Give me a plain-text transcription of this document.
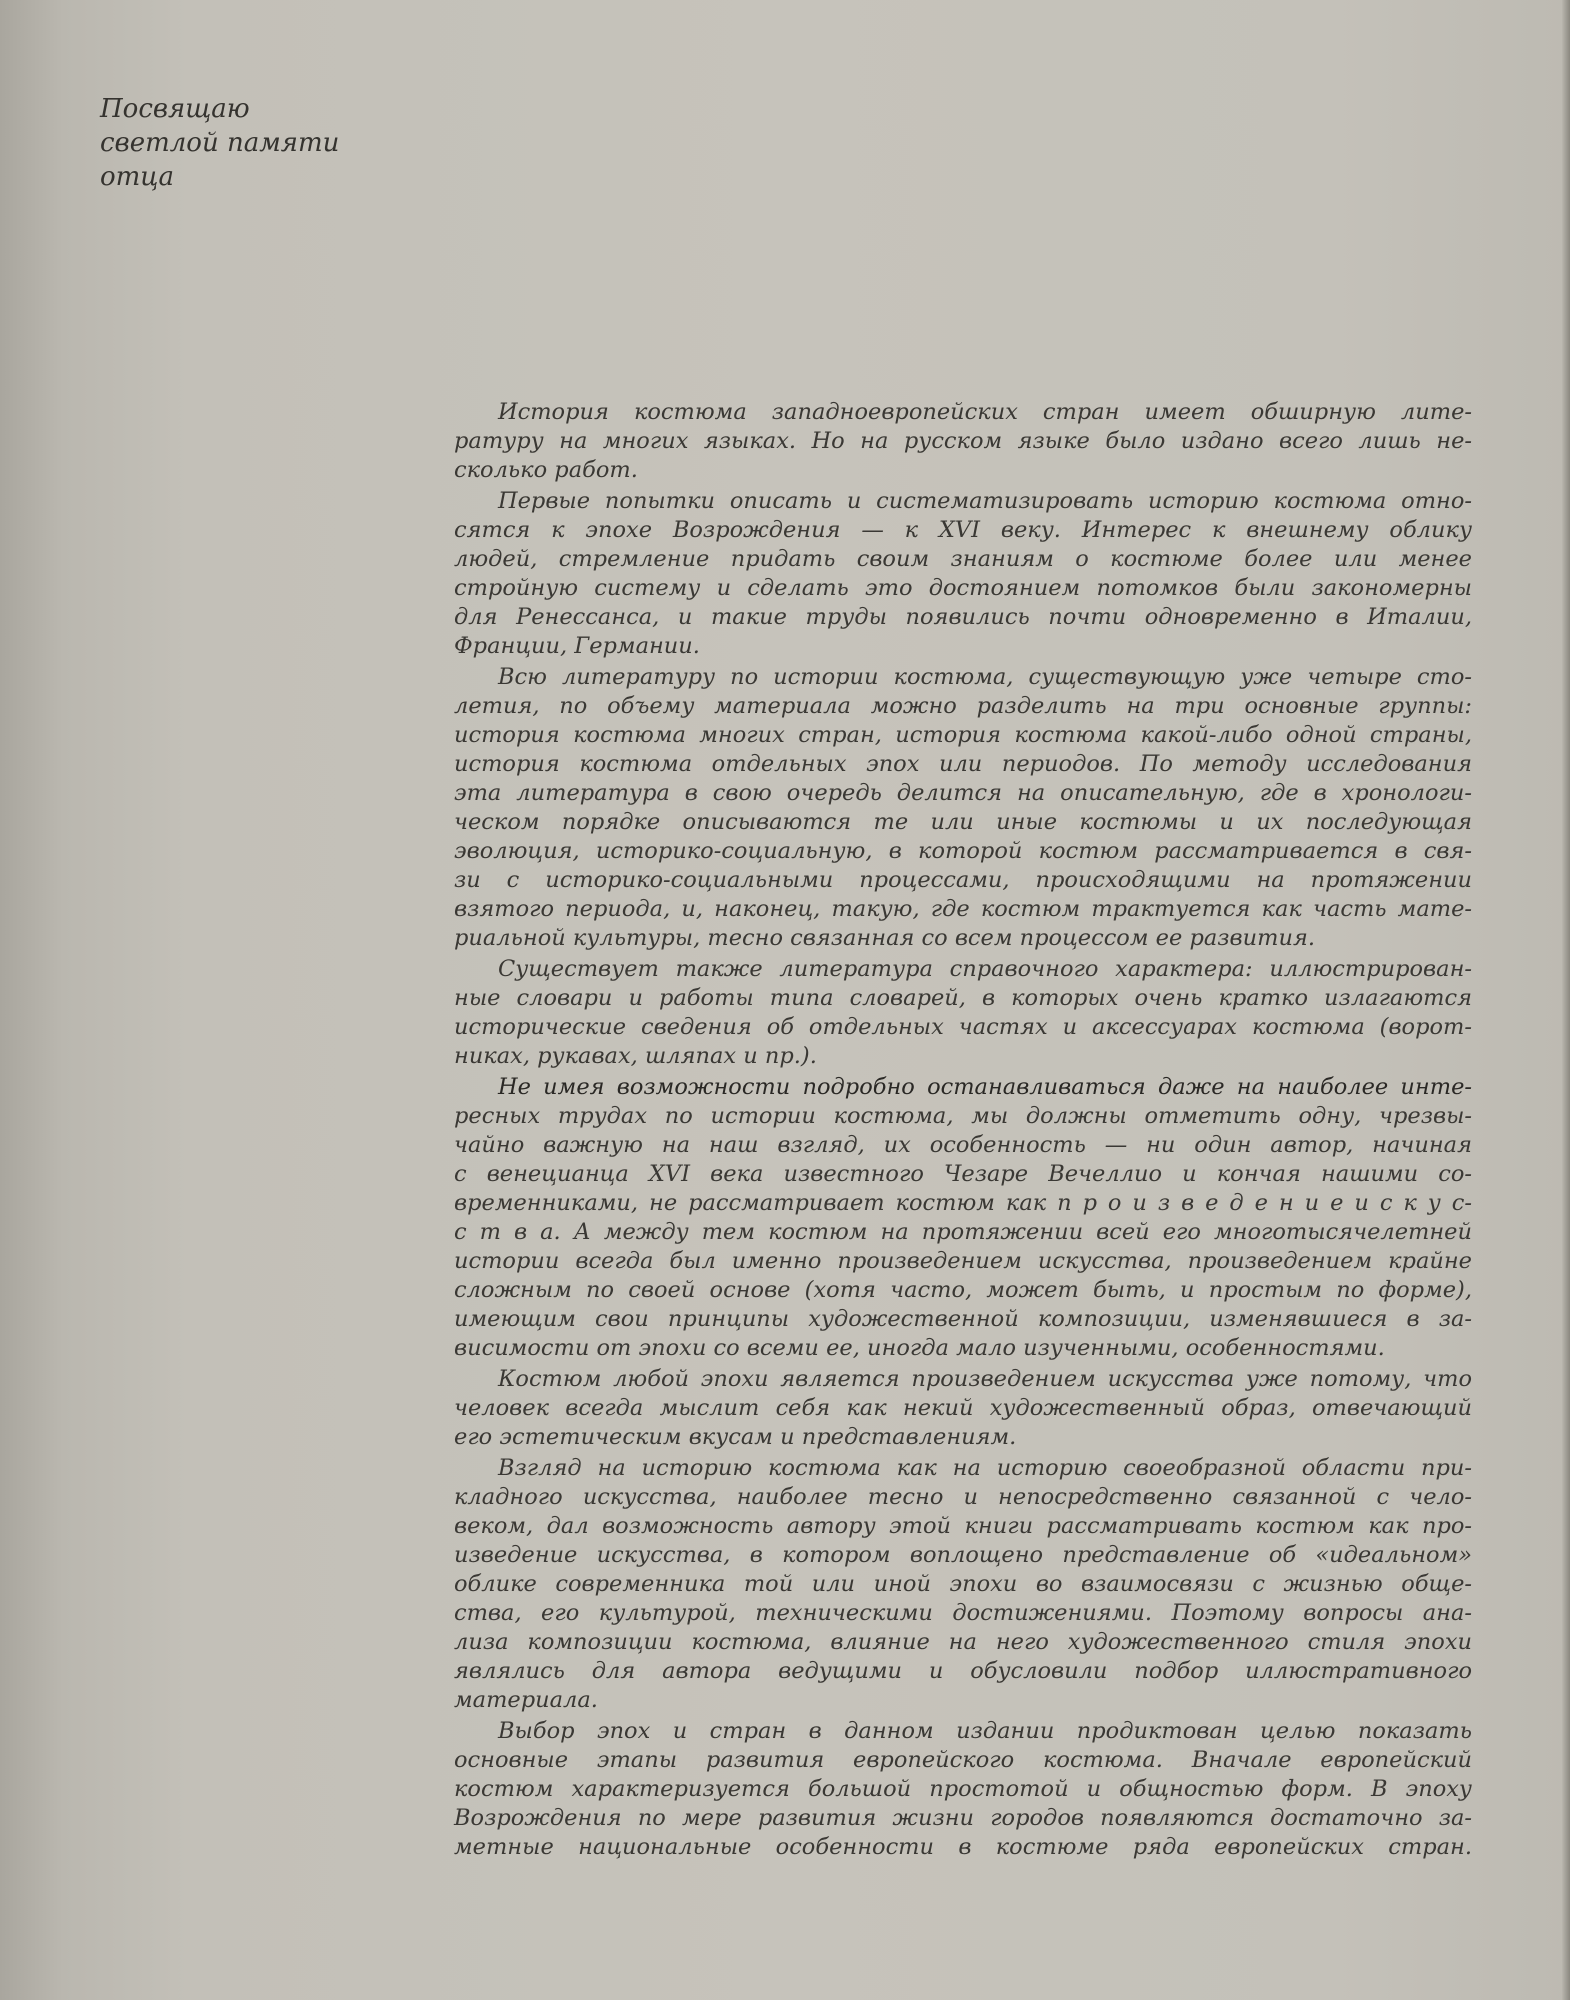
Посвящаю
светлой памяти
отца
История костюма западноевропейских стран имеет обширную лите-
ратуру на многих языках. Но на русском языке было издано всего лишь не-
сколько работ.
Первые попытки описать и систематизировать историю костюма отно-
сятся к эпохе Возрождения — к XVI веку. Интерес к внешнему облику
людей, стремление придать своим знаниям о костюме более или менее
стройную систему и сделать это достоянием потомков были закономерны
для Ренессанса, и такие труды появились почти одновременно в Италии,
Франции, Германии.
Всю литературу по истории костюма, существующую уже четыре сто-
летия, по объему материала можно разделить на три основные группы:
история костюма многих стран, история костюма какой-либо одной страны,
история костюма отдельных эпох или периодов. По методу исследования
эта литература в свою очередь делится на описательную, где в хронологи-
ческом порядке описываются те или иные костюмы и их последующая
эволюция, историко-социальную, в которой костюм рассматривается в свя-
зи с историко-социальными процессами, происходящими на протяжении
взятого периода, и, наконец, такую, где костюм трактуется как часть мате-
риальной культуры, тесно связанная со всем процессом ее развития.
Существует также литература справочного характера: иллюстрирован-
ные словари и работы типа словарей, в которых очень кратко излагаются
исторические сведения об отдельных частях и аксессуарах костюма (ворот-
никах, рукавах, шляпах и пр.).
Не имея возможности подробно останавливаться даже на наиболее инте-
ресных трудах по истории костюма, мы должны отметить одну, чрезвы-
чайно важную на наш взгляд, их особенность — ни один автор, начиная
с венецианца XVI века известного Чезаре Вечеллио и кончая нашими со-
временниками, не рассматривает костюм как п р о и з в е д е н и е и с к у с-
с т в а. А между тем костюм на протяжении всей его многотысячелетней
истории всегда был именно произведением искусства, произведением крайне
сложным по своей основе (хотя часто, может быть, и простым по форме),
имеющим свои принципы художественной композиции, изменявшиеся в за-
висимости от эпохи со всеми ее, иногда мало изученными, особенностями.
Костюм любой эпохи является произведением искусства уже потому, что
человек всегда мыслит себя как некий художественный образ, отвечающий
его эстетическим вкусам и представлениям.
Взгляд на историю костюма как на историю своеобразной области при-
кладного искусства, наиболее тесно и непосредственно связанной с чело-
веком, дал возможность автору этой книги рассматривать костюм как про-
изведение искусства, в котором воплощено представление об «идеальном»
облике современника той или иной эпохи во взаимосвязи с жизнью обще-
ства, его культурой, техническими достижениями. Поэтому вопросы ана-
лиза композиции костюма, влияние на него художественного стиля эпохи
являлись для автора ведущими и обусловили подбор иллюстративного
материала.
Выбор эпох и стран в данном издании продиктован целью показать
основные этапы развития европейского костюма. Вначале европейский
костюм характеризуется большой простотой и общностью форм. В эпоху
Возрождения по мере развития жизни городов появляются достаточно за-
метные национальные особенности в костюме ряда европейских стран.
